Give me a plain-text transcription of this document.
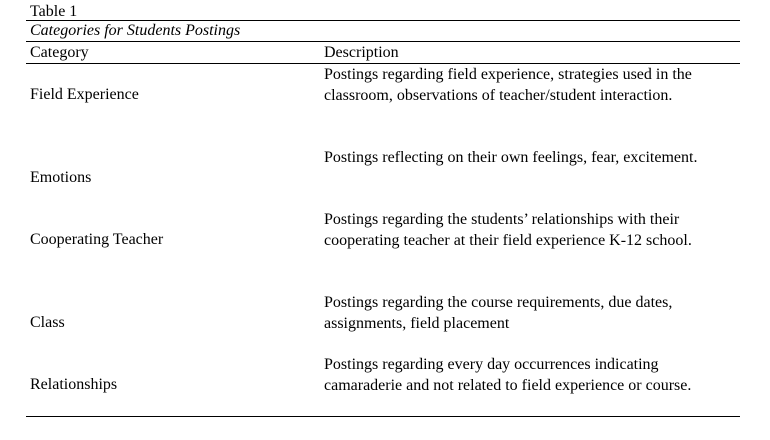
Table 1
Categories for Students Postings
Category	Description
Field Experience
Postings regarding field experience, strategies used in the classroom, observations of teacher/student interaction.
Emotions
Postings reflecting on their own feelings, fear, excitement.
Cooperating Teacher
Postings regarding the students’ relationships with their cooperating teacher at their field experience K-12 school.
Class
Postings regarding the course requirements, due dates, assignments, field placement
Relationships
Postings regarding every day occurrences indicating camaraderie and not related to field experience or course.
